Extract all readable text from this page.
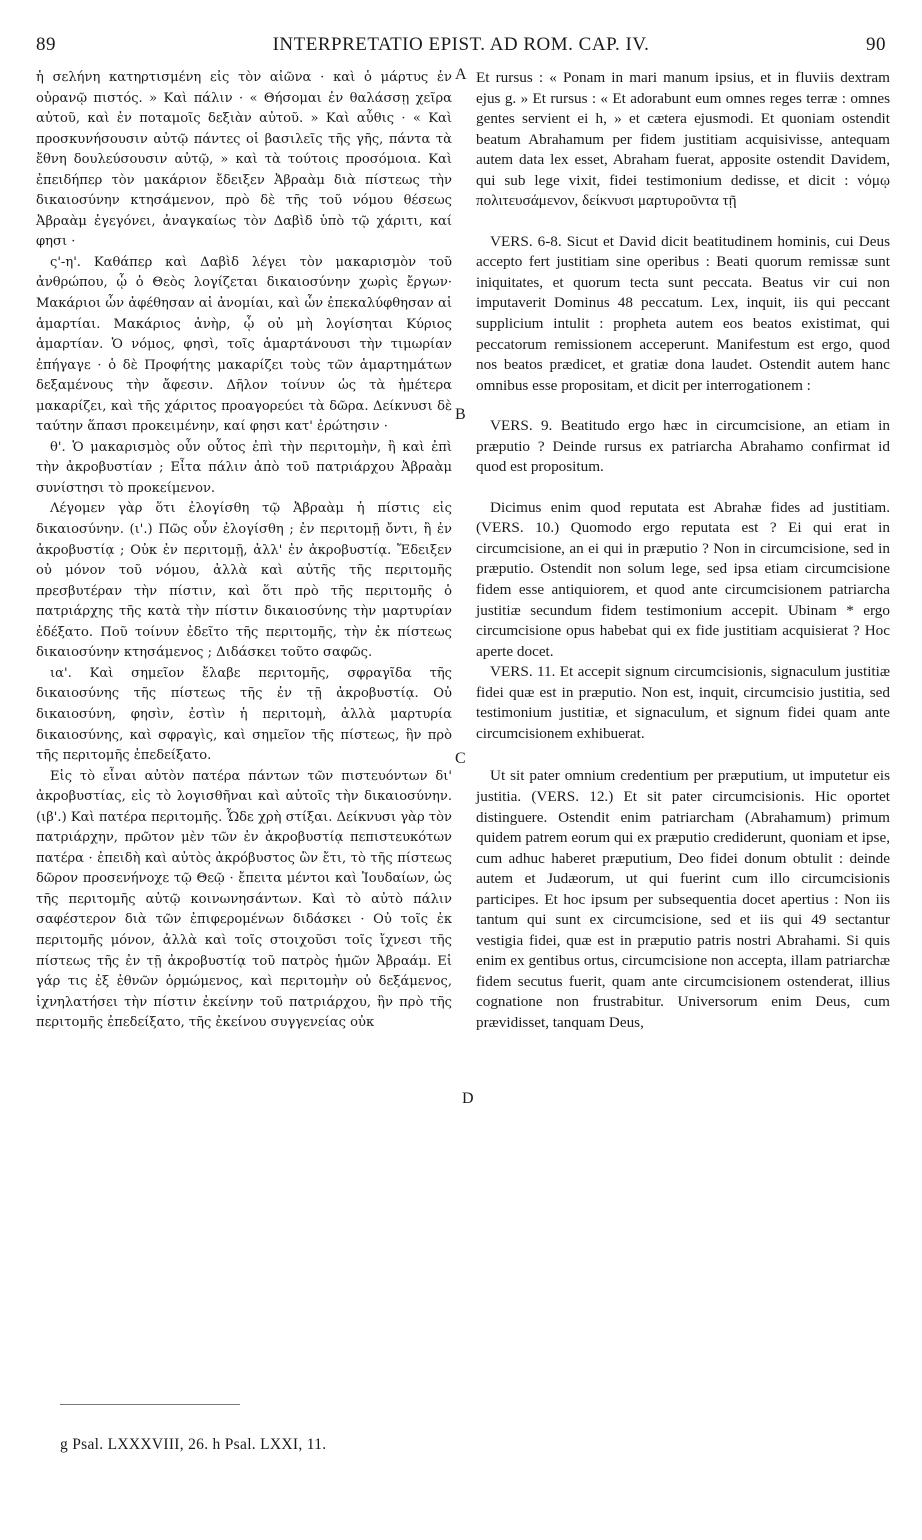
89	INTERPRETATIO EPIST. AD ROM. CAP. IV.	90
A
B
C
D

ἡ σελήνη κατηρτισμένη εἰς τὸν αἰῶνα · καὶ ὁ μάρτυς ἐν οὐρανῷ πιστός. » Καὶ πάλιν · « Θήσομαι ἐν θαλάσσῃ χεῖρα αὐτοῦ, καὶ ἐν ποταμοῖς δεξιὰν αὐτοῦ. » Καὶ αὖθις · « Καὶ προσκυνήσουσιν αὐτῷ πάντες οἱ βασιλεῖς τῆς γῆς, πάντα τὰ ἔθνη δουλεύσουσιν αὐτῷ, » καὶ τὰ τούτοις προσόμοια. Καὶ ἐπειδήπερ τὸν μακάριον ἔδειξεν Ἀβραὰμ διὰ πίστεως τὴν δικαιοσύνην κτησάμενον, πρὸ δὲ τῆς τοῦ νόμου θέσεως Ἀβραὰμ ἐγεγόνει, ἀναγκαίως τὸν Δαβὶδ ὑπὸ τῷ χάριτι, καί φησι ·

ς'-η'. Καθάπερ καὶ Δαβὶδ λέγει τὸν μακαρισμὸν τοῦ ἀνθρώπου, ᾧ ὁ Θεὸς λογίζεται δικαιοσύνην χωρὶς ἔργων· Μακάριοι ὧν ἀφέθησαν αἱ ἀνομίαι, καὶ ὧν ἐπεκαλύφθησαν αἱ ἁμαρτίαι. Μακάριος ἀνὴρ, ᾧ οὐ μὴ λογίσηται Κύριος ἁμαρτίαν. Ὁ νόμος, φησὶ, τοῖς ἁμαρτάνουσι τὴν τιμωρίαν ἐπήγαγε · ὁ δὲ Προφήτης μακαρίζει τοὺς τῶν ἁμαρτημάτων δεξαμένους τὴν ἄφεσιν. Δῆλον τοίνυν ὡς τὰ ἡμέτερα μακαρίζει, καὶ τῆς χάριτος προαγορεύει τὰ δῶρα. Δείκνυσι δὲ ταύτην ἅπασι προκειμένην, καί φησι κατ' ἐρώτησιν ·

θ'. Ὁ μακαρισμὸς οὖν οὗτος ἐπὶ τὴν περιτομὴν, ἢ καὶ ἐπὶ τὴν ἀκροβυστίαν ; Εἶτα πάλιν ἀπὸ τοῦ πατριάρχου Ἀβραὰμ συνίστησι τὸ προκείμενον.

Λέγομεν γὰρ ὅτι ἐλογίσθη τῷ Ἀβραὰμ ἡ πίστις εἰς δικαιοσύνην. (ι'.) Πῶς οὖν ἐλογίσθη ; ἐν περιτομῇ ὄντι, ἢ ἐν ἀκροβυστίᾳ ; Οὐκ ἐν περιτομῇ, ἀλλ' ἐν ἀκροβυστίᾳ. Ἔδειξεν οὐ μόνον τοῦ νόμου, ἀλλὰ καὶ αὐτῆς τῆς περιτομῆς πρεσβυτέραν τὴν πίστιν, καὶ ὅτι πρὸ τῆς περιτομῆς ὁ πατριάρχης τῆς κατὰ τὴν πίστιν δικαιοσύνης τὴν μαρτυρίαν ἐδέξατο. Ποῦ τοίνυν ἐδεῖτο τῆς περιτομῆς, τὴν ἐκ πίστεως δικαιοσύνην κτησάμενος ; Διδάσκει τοῦτο σαφῶς.

ια'. Καὶ σημεῖον ἔλαβε περιτομῆς, σφραγῖδα τῆς δικαιοσύνης τῆς πίστεως τῆς ἐν τῇ ἀκροβυστίᾳ. Οὐ δικαιοσύνη, φησὶν, ἐστὶν ἡ περιτομὴ, ἀλλὰ μαρτυρία δικαιοσύνης, καὶ σφραγὶς, καὶ σημεῖον τῆς πίστεως, ἣν πρὸ τῆς περιτομῆς ἐπεδείξατο.

Εἰς τὸ εἶναι αὐτὸν πατέρα πάντων τῶν πιστευόντων δι' ἀκροβυστίας, εἰς τὸ λογισθῆναι καὶ αὐτοῖς τὴν δικαιοσύνην. (ιβ'.) Καὶ πατέρα περιτομῆς. Ὧδε χρὴ στίξαι. Δείκνυσι γὰρ τὸν πατριάρχην, πρῶτον μὲν τῶν ἐν ἀκροβυστίᾳ πεπιστευκότων πατέρα · ἐπειδὴ καὶ αὐτὸς ἀκρόβυστος ὢν ἔτι, τὸ τῆς πίστεως δῶρον προσενήνοχε τῷ Θεῷ · ἔπειτα μέντοι καὶ Ἰουδαίων, ὡς τῆς περιτομῆς αὐτῷ κοινωνησάντων. Καὶ τὸ αὐτὸ πάλιν σαφέστερον διὰ τῶν ἐπιφερομένων διδάσκει · Οὐ τοῖς ἐκ περιτομῆς μόνον, ἀλλὰ καὶ τοῖς στοιχοῦσι τοῖς ἴχνεσι τῆς πίστεως τῆς ἐν τῇ ἀκροβυστίᾳ τοῦ πατρὸς ἡμῶν Ἀβραάμ. Εἰ γάρ τις ἐξ ἐθνῶν ὁρμώμενος, καὶ περιτομὴν οὐ δεξάμενος, ἰχνηλατήσει τὴν πίστιν ἐκείνην τοῦ πατριάρχου, ἣν πρὸ τῆς περιτομῆς ἐπεδείξατο, τῆς ἐκείνου συγγενείας οὐκ

Et rursus : « Ponam in mari manum ipsius, et in fluviis dextram ejus g. » Et rursus : « Et adorabunt eum omnes reges terræ : omnes gentes servient ei h, » et cætera ejusmodi. Et quoniam ostendit beatum Abrahamum per fidem justitiam acquisivisse, antequam autem data lex esset, Abraham fuerat, apposite ostendit Davidem, qui sub lege vixit, fidei testimonium dedisse, et dicit : νόμῳ πολιτευσάμενον, δείκνυσι μαρτυροῦντα τῇ

VERS. 6-8. Sicut et David dicit beatitudinem hominis, cui Deus accepto fert justitiam sine operibus : Beati quorum remissæ sunt iniquitates, et quorum tecta sunt peccata. Beatus vir cui non imputaverit Dominus 48 peccatum. Lex, inquit, iis qui peccant supplicium intulit : propheta autem eos beatos existimat, qui peccatorum remissionem acceperunt. Manifestum est ergo, quod nos beatos prædicet, et gratiæ dona laudet. Ostendit autem hanc omnibus esse propositam, et dicit per interrogationem :

VERS. 9. Beatitudo ergo hæc in circumcisione, an etiam in præputio ? Deinde rursus ex patriarcha Abrahamo confirmat id quod est propositum.

Dicimus enim quod reputata est Abrahæ fides ad justitiam. (VERS. 10.) Quomodo ergo reputata est ? Ei qui erat in circumcisione, an ei qui in præputio ? Non in circumcisione, sed in præputio. Ostendit non solum lege, sed ipsa etiam circumcisione fidem esse antiquiorem, et quod ante circumcisionem patriarcha justitiæ secundum fidem testimonium accepit. Ubinam * ergo circumcisione opus habebat qui ex fide justitiam acquisierat ? Hoc aperte docet.

VERS. 11. Et accepit signum circumcisionis, signaculum justitiæ fidei quæ est in præputio. Non est, inquit, circumcisio justitia, sed testimonium justitiæ, et signaculum, et signum fidei quam ante circumcisionem exhibuerat.

Ut sit pater omnium credentium per præputium, ut imputetur eis justitia. (VERS. 12.) Et sit pater circumcisionis. Hic oportet distinguere. Ostendit enim patriarcham (Abrahamum) primum quidem patrem eorum qui ex præputio crediderunt, quoniam et ipse, cum adhuc haberet præputium, Deo fidei donum obtulit : deinde autem et Judæorum, ut qui fuerint cum illo circumcisionis participes. Et hoc ipsum per subsequentia docet apertius : Non iis tantum qui sunt ex circumcisione, sed et iis qui 49 sectantur vestigia fidei, quæ est in præputio patris nostri Abrahami. Si quis enim ex gentibus ortus, circumcisione non accepta, illam patriarchæ fidem secutus fuerit, quam ante circumcisionem ostenderat, illius cognatione non frustrabitur. Universorum enim Deus, cum prævidisset, tanquam Deus,

g Psal. LXXXVIII, 26. h Psal. LXXI, 11.
